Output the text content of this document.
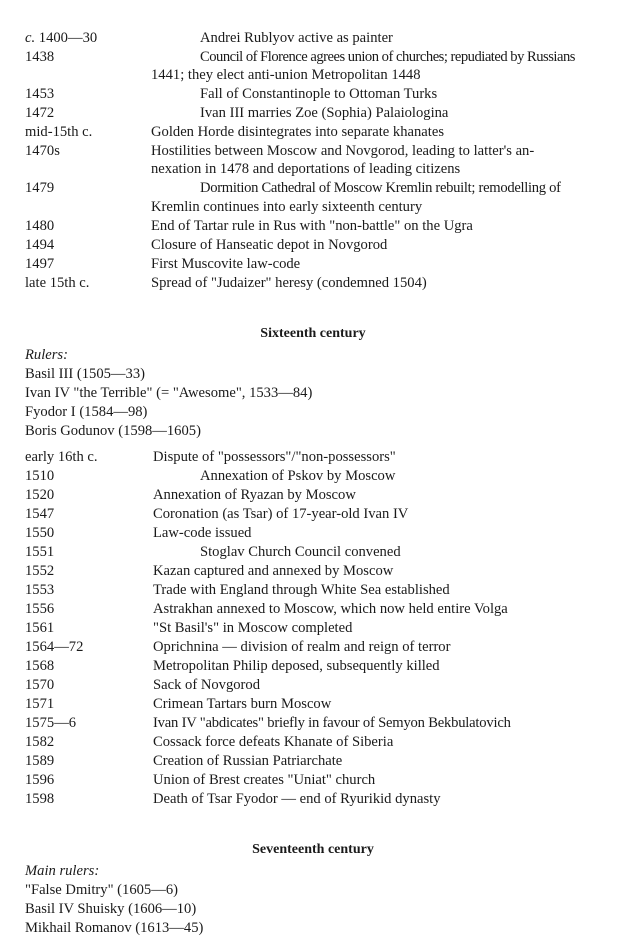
c. 1400—30	Andrei Rublyov active as painter
1438	Council of Florence agrees union of churches; repudiated by Russians
1441; they elect anti-union Metropolitan 1448
1453	Fall of Constantinople to Ottoman Turks
1472	Ivan III marries Zoe (Sophia) Palaiologina
mid-15th c.	Golden Horde disintegrates into separate khanates
1470s	Hostilities between Moscow and Novgorod, leading to latter's an-
nexation in 1478 and deportations of leading citizens
1479	Dormition Cathedral of Moscow Kremlin rebuilt; remodelling of
Kremlin continues into early sixteenth century
1480	End of Tartar rule in Rus with "non-battle" on the Ugra
1494	Closure of Hanseatic depot in Novgorod
1497	First Muscovite law-code
late 15th c.	Spread of "Judaizer" heresy (condemned 1504)
Sixteenth century
Rulers:
Basil III (1505—33)
Ivan IV "the Terrible" (= "Awesome", 1533—84)
Fyodor I (1584—98)
Boris Godunov (1598—1605)
early 16th c.	Dispute of "possessors"/"non-possessors"
1510	Annexation of Pskov by Moscow
1520	Annexation of Ryazan by Moscow
1547	Coronation (as Tsar) of 17-year-old Ivan IV
1550	Law-code issued
1551	Stoglav Church Council convened
1552	Kazan captured and annexed by Moscow
1553	Trade with England through White Sea established
1556	Astrakhan annexed to Moscow, which now held entire Volga
1561	"St Basil's" in Moscow completed
1564—72	Oprichnina — division of realm and reign of terror
1568	Metropolitan Philip deposed, subsequently killed
1570	Sack of Novgorod
1571	Crimean Tartars burn Moscow
1575—6	Ivan IV "abdicates" briefly in favour of Semyon Bekbulatovich
1582	Cossack force defeats Khanate of Siberia
1589	Creation of Russian Patriarchate
1596	Union of Brest creates "Uniat" church
1598	Death of Tsar Fyodor — end of Ryurikid dynasty
Seventeenth century
Main rulers:
"False Dmitry" (1605—6)
Basil IV Shuisky (1606—10)
Mikhail Romanov (1613—45)
